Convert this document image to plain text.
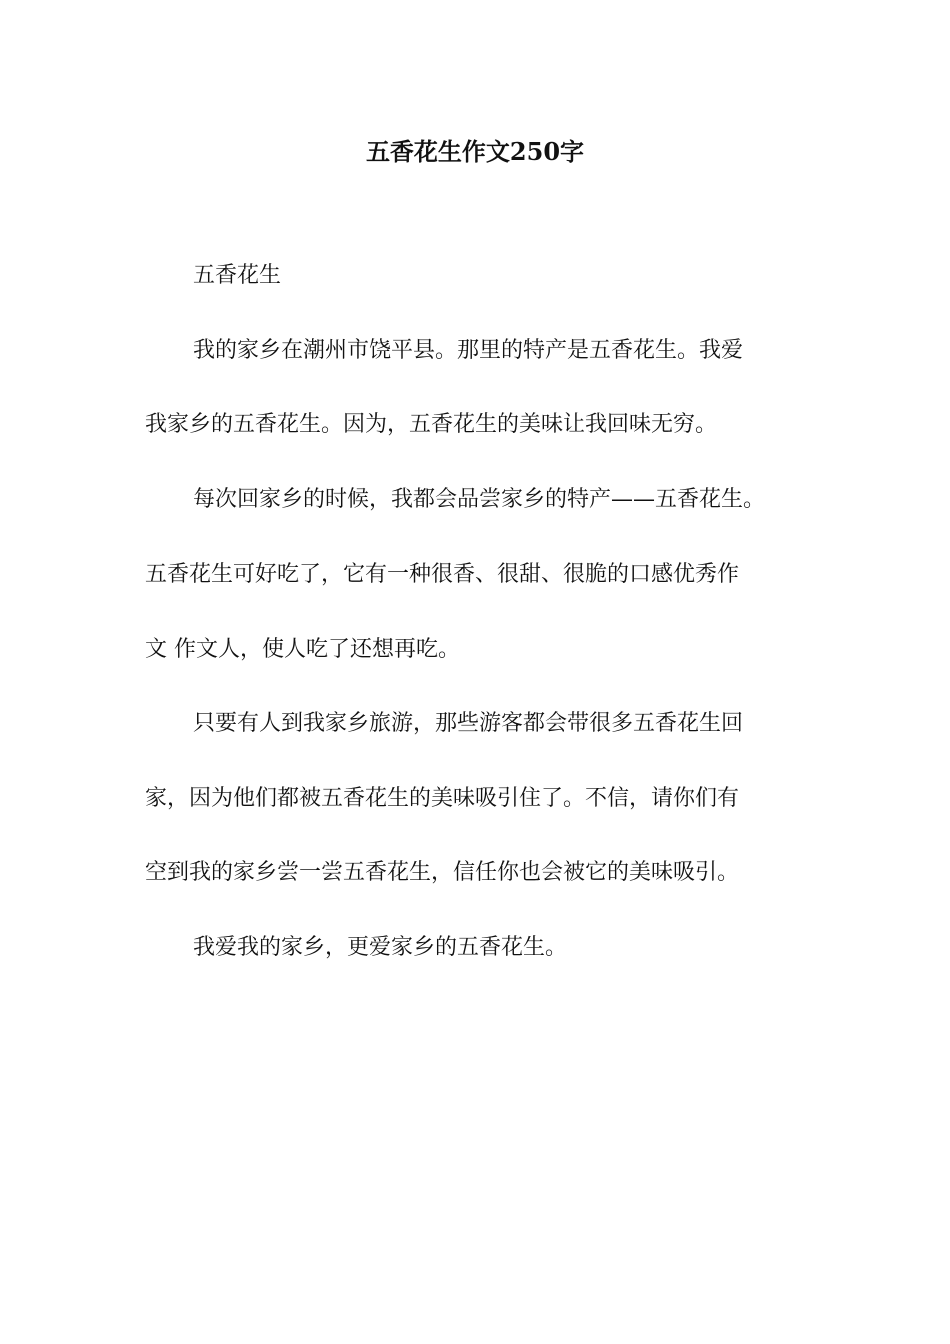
五香花生作文250字
五香花生
我的家乡在潮州市饶平县。那里的特产是五香花生。我爱
我家乡的五香花生。因为，五香花生的美味让我回味无穷。
每次回家乡的时候，我都会品尝家乡的特产——五香花生。
五香花生可好吃了，它有一种很香、很甜、很脆的口感优秀作
文 作文人，使人吃了还想再吃。
只要有人到我家乡旅游，那些游客都会带很多五香花生回
家，因为他们都被五香花生的美味吸引住了。不信，请你们有
空到我的家乡尝一尝五香花生，信任你也会被它的美味吸引。
我爱我的家乡，更爱家乡的五香花生。
